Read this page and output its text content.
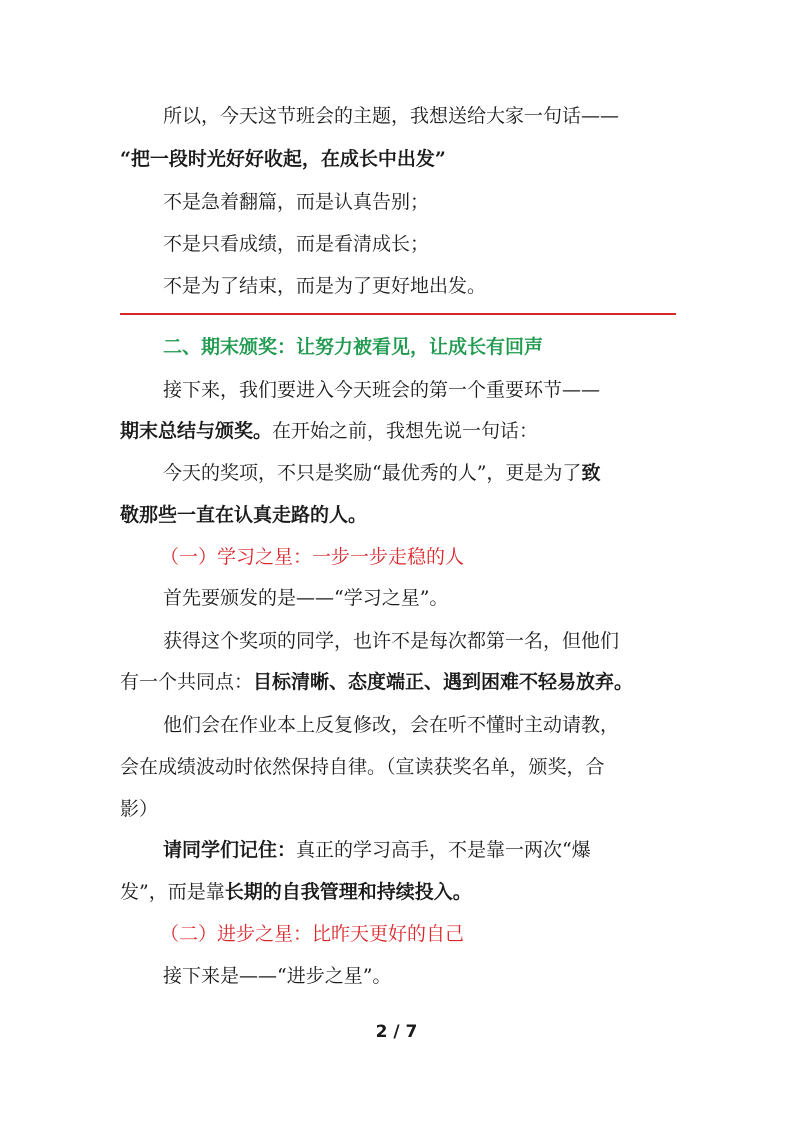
所以，今天这节班会的主题，我想送给大家一句话——
“把一段时光好好收起，在成长中出发”
不是急着翻篇，而是认真告别；
不是只看成绩，而是看清成长；
不是为了结束，而是为了更好地出发。
二、期末颁奖：让努力被看见，让成长有回声
接下来，我们要进入今天班会的第一个重要环节——
期末总结与颁奖。在开始之前，我想先说一句话：
今天的奖项，不只是奖励“最优秀的人”，更是为了致
敬那些一直在认真走路的人。
（一）学习之星：一步一步走稳的人
首先要颁发的是——“学习之星”。
获得这个奖项的同学，也许不是每次都第一名，但他们
有一个共同点：目标清晰、态度端正、遇到困难不轻易放弃。
他们会在作业本上反复修改，会在听不懂时主动请教，
会在成绩波动时依然保持自律。（宣读获奖名单，颁奖，合
影）
请同学们记住：真正的学习高手，不是靠一两次“爆
发”，而是靠长期的自我管理和持续投入。
（二）进步之星：比昨天更好的自己
接下来是——“进步之星”。
2 / 7
